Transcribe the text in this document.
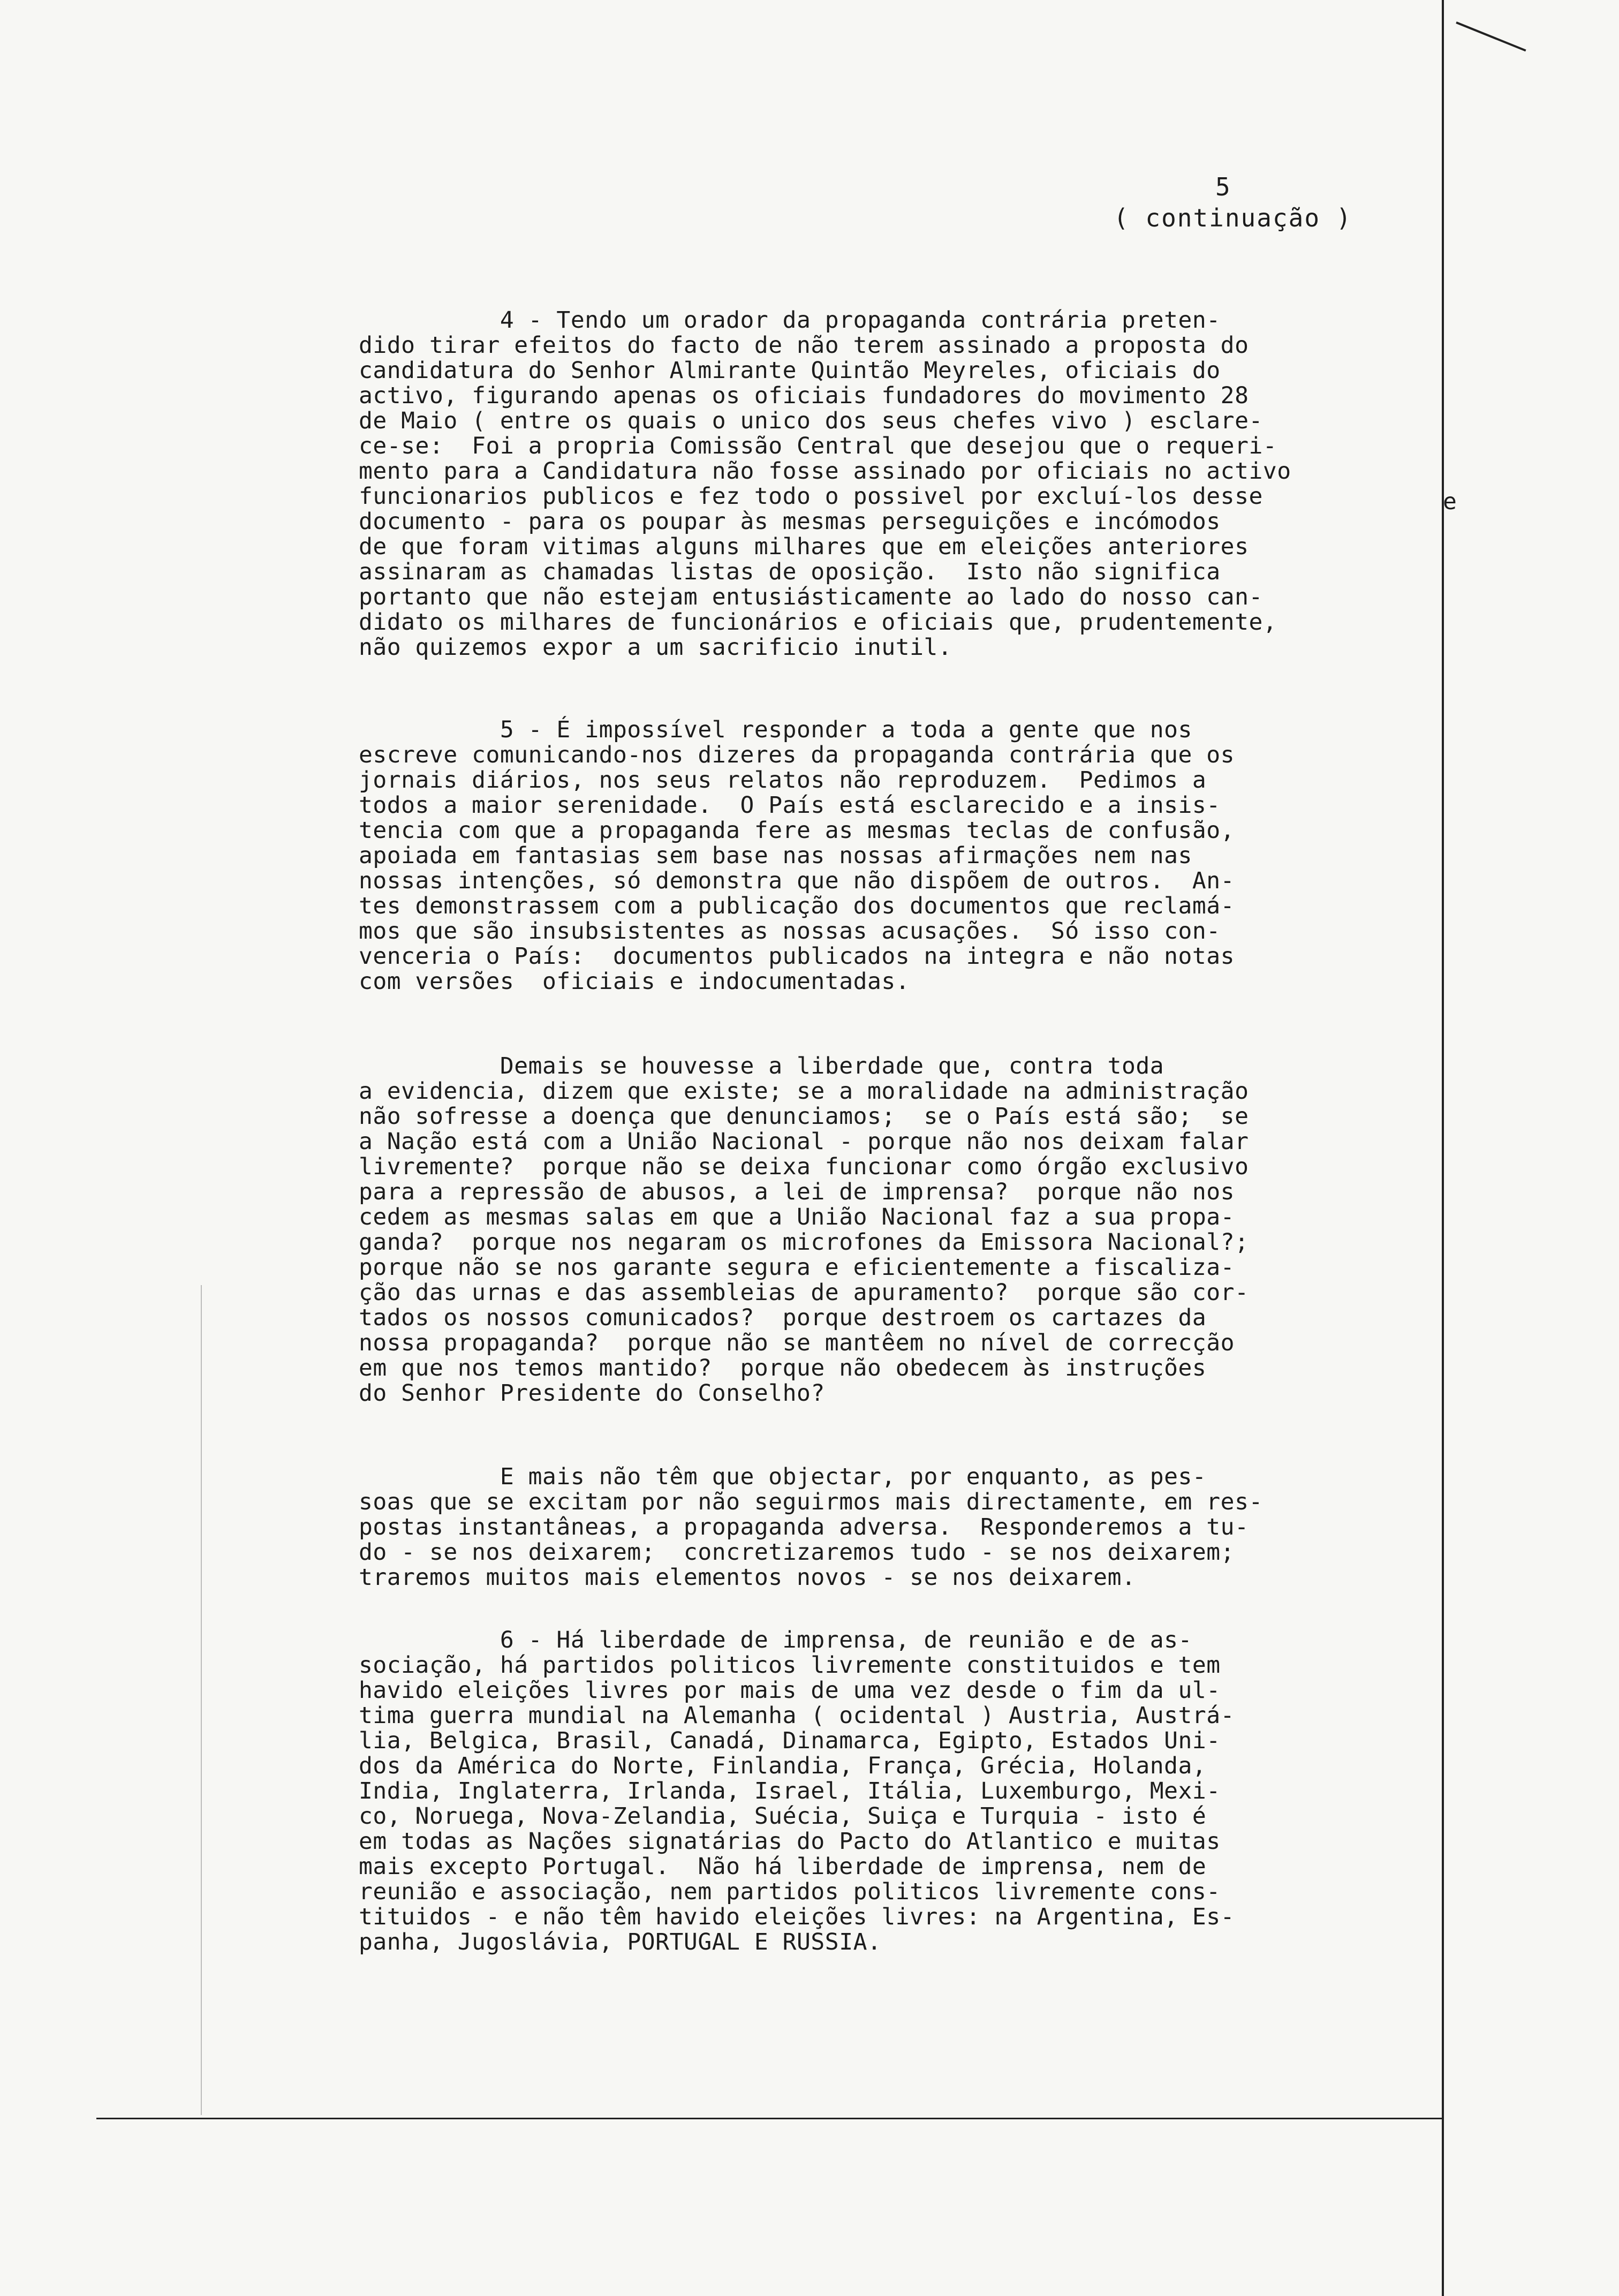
5
( continuação )
e
4 - Tendo um orador da propaganda contrária preten-
dido tirar efeitos do facto de não terem assinado a proposta do
candidatura do Senhor Almirante Quintão Meyreles, oficiais do
activo, figurando apenas os oficiais fundadores do movimento 28
de Maio ( entre os quais o unico dos seus chefes vivo ) esclare-
ce-se:  Foi a propria Comissão Central que desejou que o requeri-
mento para a Candidatura não fosse assinado por oficiais no activo
funcionarios publicos e fez todo o possivel por excluí-los desse
documento - para os poupar às mesmas perseguições e incómodos
de que foram vitimas alguns milhares que em eleições anteriores
assinaram as chamadas listas de oposição.  Isto não significa
portanto que não estejam entusiásticamente ao lado do nosso can-
didato os milhares de funcionários e oficiais que, prudentemente,
não quizemos expor a um sacrificio inutil.
5 - É impossível responder a toda a gente que nos
escreve comunicando-nos dizeres da propaganda contrária que os
jornais diários, nos seus relatos não reproduzem.  Pedimos a
todos a maior serenidade.  O País está esclarecido e a insis-
tencia com que a propaganda fere as mesmas teclas de confusão,
apoiada em fantasias sem base nas nossas afirmações nem nas
nossas intenções, só demonstra que não dispõem de outros.  An-
tes demonstrassem com a publicação dos documentos que reclamá-
mos que são insubsistentes as nossas acusações.  Só isso con-
venceria o País:  documentos publicados na integra e não notas
com versões  oficiais e indocumentadas.
Demais se houvesse a liberdade que, contra toda
a evidencia, dizem que existe; se a moralidade na administração
não sofresse a doença que denunciamos;  se o País está são;  se
a Nação está com a União Nacional - porque não nos deixam falar
livremente?  porque não se deixa funcionar como órgão exclusivo
para a repressão de abusos, a lei de imprensa?  porque não nos
cedem as mesmas salas em que a União Nacional faz a sua propa-
ganda?  porque nos negaram os microfones da Emissora Nacional?;
porque não se nos garante segura e eficientemente a fiscaliza-
ção das urnas e das assembleias de apuramento?  porque são cor-
tados os nossos comunicados?  porque destroem os cartazes da
nossa propaganda?  porque não se mantêem no nível de correcção
em que nos temos mantido?  porque não obedecem às instruções
do Senhor Presidente do Conselho?
E mais não têm que objectar, por enquanto, as pes-
soas que se excitam por não seguirmos mais directamente, em res-
postas instantâneas, a propaganda adversa.  Responderemos a tu-
do - se nos deixarem;  concretizaremos tudo - se nos deixarem;
traremos muitos mais elementos novos - se nos deixarem.
6 - Há liberdade de imprensa, de reunião e de as-
sociação, há partidos politicos livremente constituidos e tem
havido eleições livres por mais de uma vez desde o fim da ul-
tima guerra mundial na Alemanha ( ocidental ) Austria, Austrá-
lia, Belgica, Brasil, Canadá, Dinamarca, Egipto, Estados Uni-
dos da América do Norte, Finlandia, França, Grécia, Holanda,
India, Inglaterra, Irlanda, Israel, Itália, Luxemburgo, Mexi-
co, Noruega, Nova-Zelandia, Suécia, Suiça e Turquia - isto é
em todas as Nações signatárias do Pacto do Atlantico e muitas
mais excepto Portugal.  Não há liberdade de imprensa, nem de
reunião e associação, nem partidos politicos livremente cons-
tituidos - e não têm havido eleições livres: na Argentina, Es-
panha, Jugoslávia, PORTUGAL E RUSSIA.
